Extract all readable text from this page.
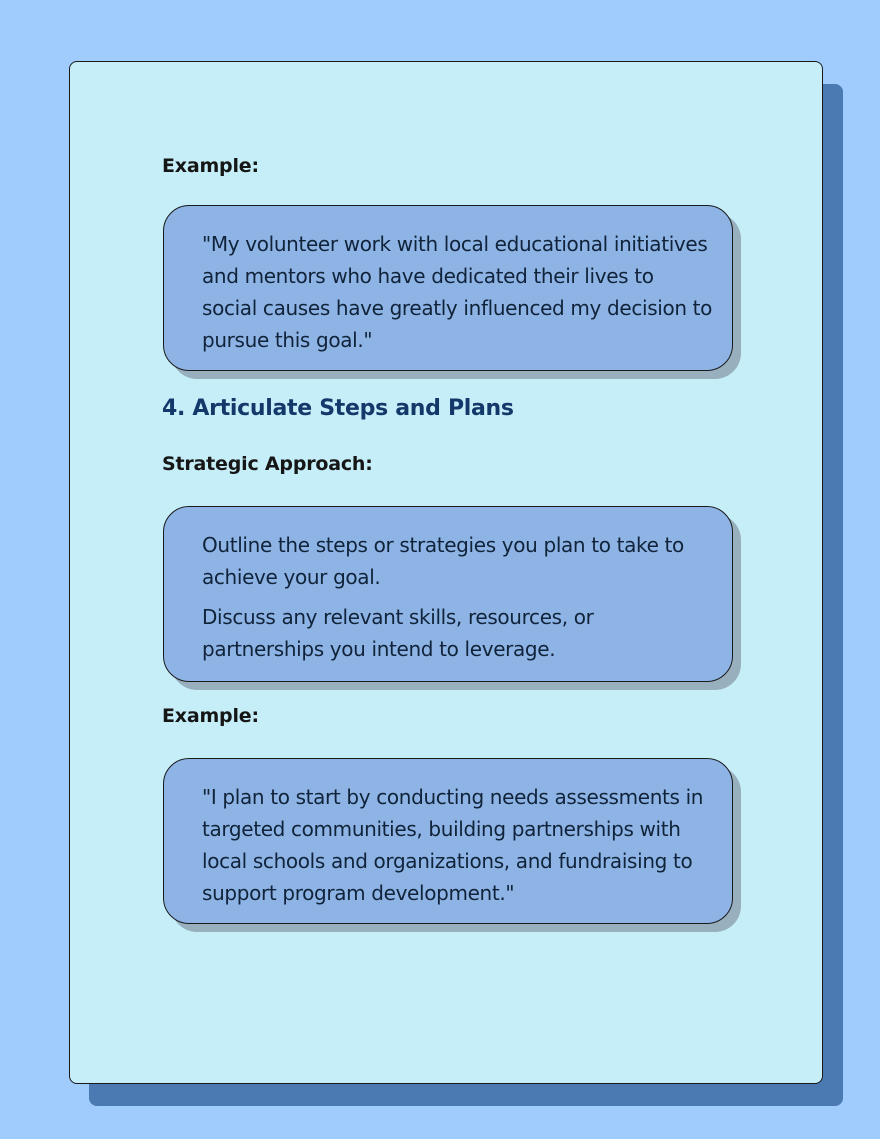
Example:

"My volunteer work with local educational initiatives and mentors who have dedicated their lives to social causes have greatly influenced my decision to pursue this goal."

4. Articulate Steps and Plans
Strategic Approach:

Outline the steps or strategies you plan to take to achieve your goal.

Discuss any relevant skills, resources, or partnerships you intend to leverage.

Example:

"I plan to start by conducting needs assessments in targeted communities, building partnerships with local schools and organizations, and fundraising to support program development."
